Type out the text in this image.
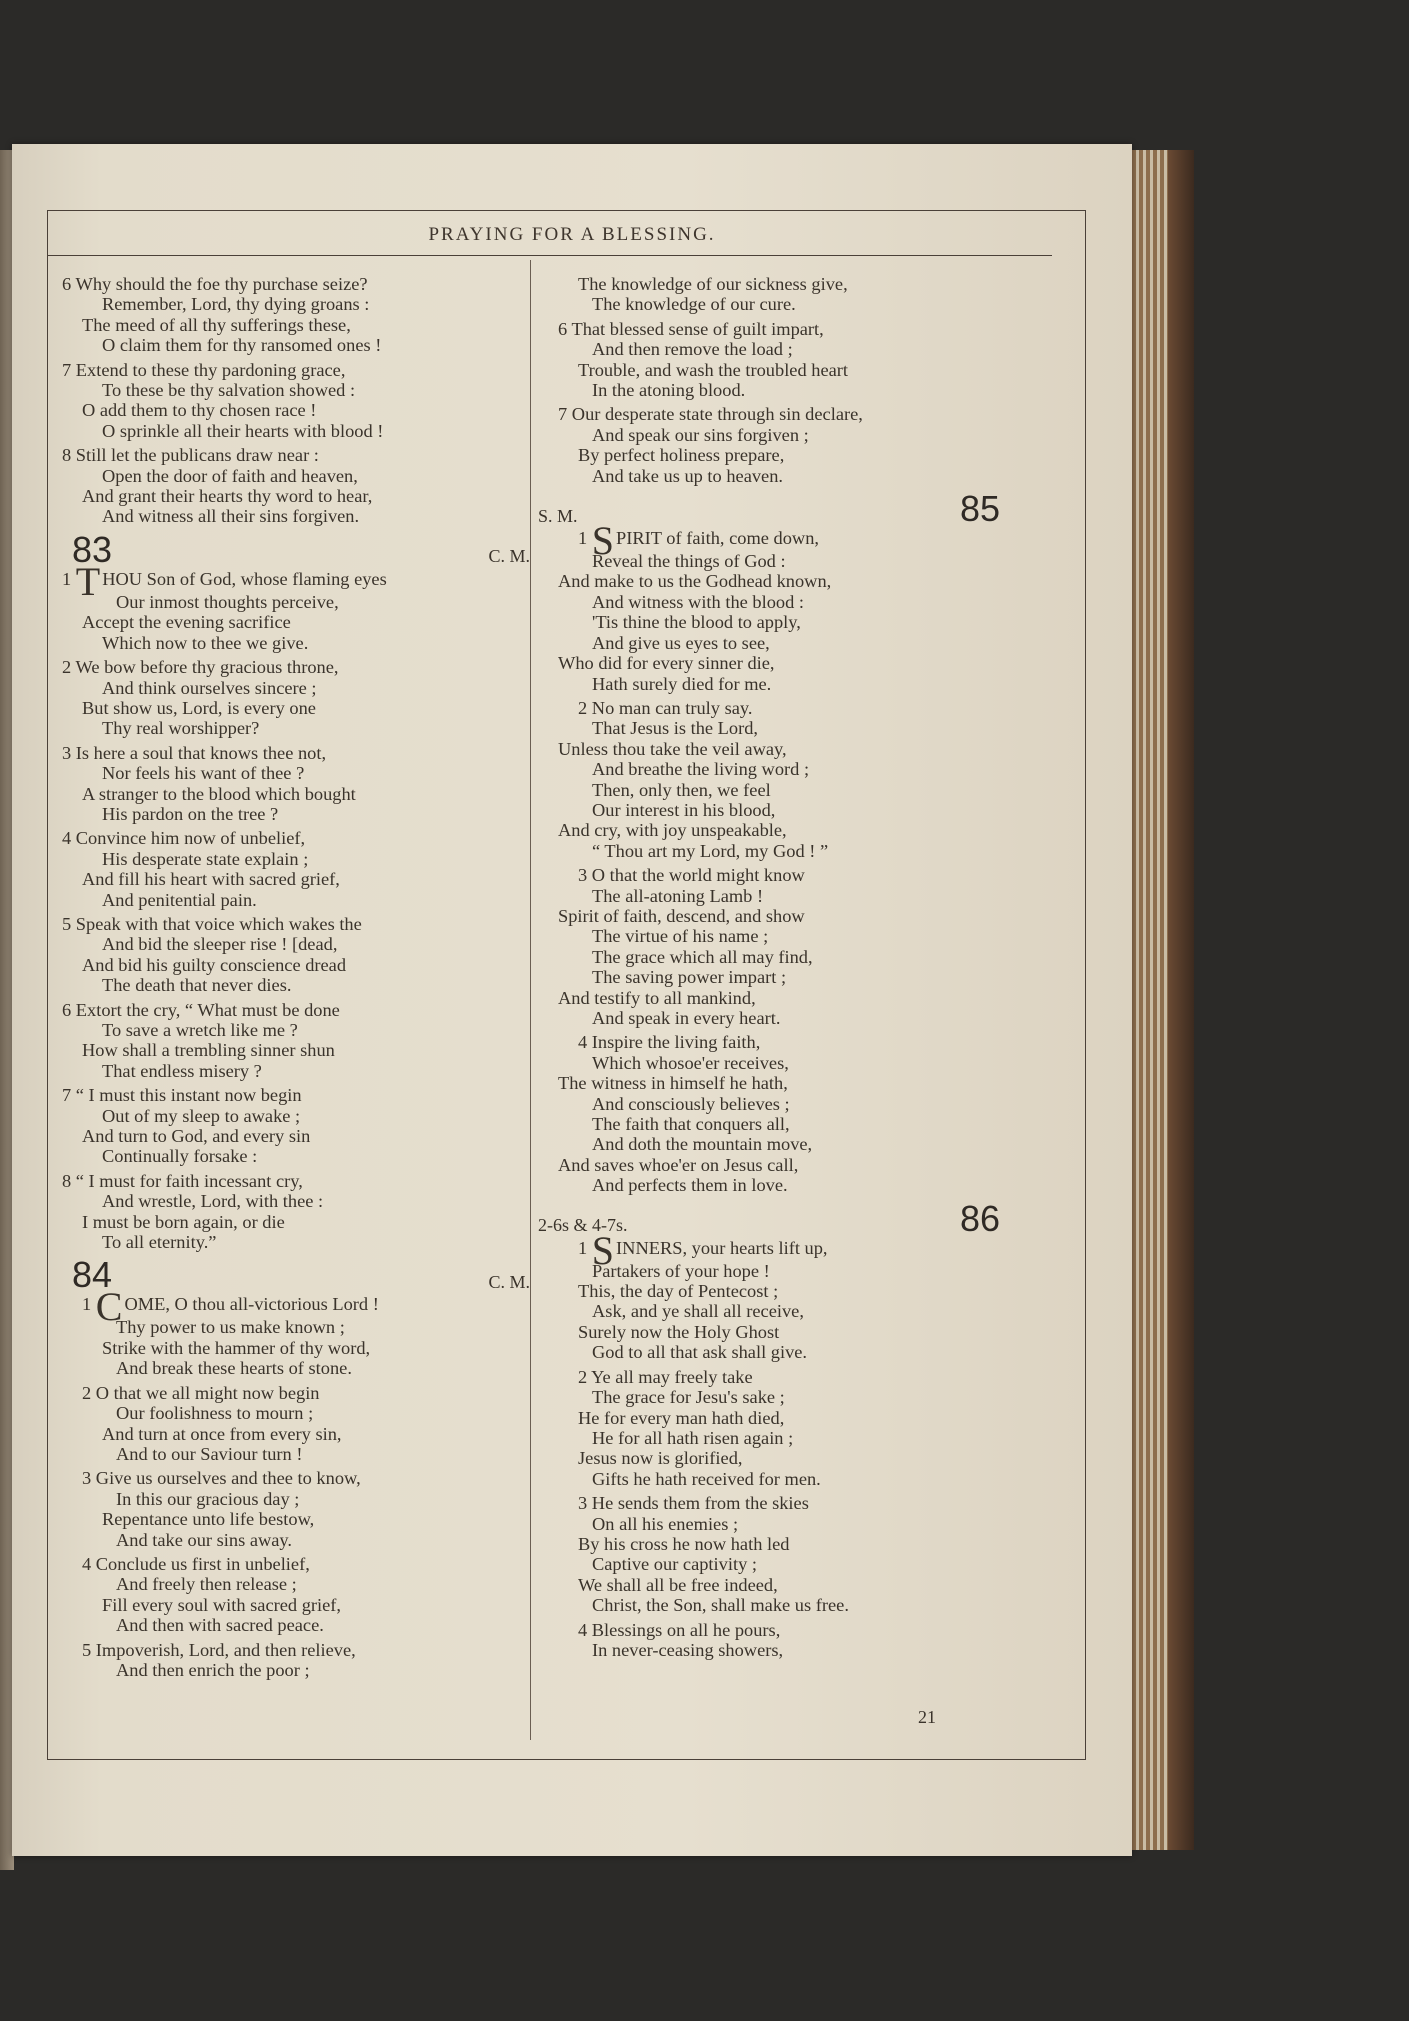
PRAYING FOR A BLESSING.
6 Why should the foe thy purchase seize?
Remember, Lord, thy dying groans :
The meed of all thy sufferings these,
O claim them for thy ransomed ones !
7 Extend to these thy pardoning grace,
To these be thy salvation showed :
O add them to thy chosen race !
O sprinkle all their hearts with blood !
8 Still let the publicans draw near :
Open the door of faith and heaven,
And grant their hearts thy word to hear,
And witness all their sins forgiven.
83	C. M.
1 T HOU Son of God, whose flaming eyes
Our inmost thoughts perceive,
Accept the evening sacrifice
Which now to thee we give.
2 We bow before thy gracious throne,
And think ourselves sincere ;
But show us, Lord, is every one
Thy real worshipper?
3 Is here a soul that knows thee not,
Nor feels his want of thee ?
A stranger to the blood which bought
His pardon on the tree ?
4 Convince him now of unbelief,
His desperate state explain ;
And fill his heart with sacred grief,
And penitential pain.
5 Speak with that voice which wakes the
And bid the sleeper rise ! [dead,
And bid his guilty conscience dread
The death that never dies.
6 Extort the cry, “ What must be done
To save a wretch like me ?
How shall a trembling sinner shun
That endless misery ?
7 “ I must this instant now begin
Out of my sleep to awake ;
And turn to God, and every sin
Continually forsake :
8 “ I must for faith incessant cry,
And wrestle, Lord, with thee :
I must be born again, or die
To all eternity.”
84	C. M.
1 C OME, O thou all-victorious Lord !
Thy power to us make known ;
Strike with the hammer of thy word,
And break these hearts of stone.
2 O that we all might now begin
Our foolishness to mourn ;
And turn at once from every sin,
And to our Saviour turn !
3 Give us ourselves and thee to know,
In this our gracious day ;
Repentance unto life bestow,
And take our sins away.
4 Conclude us first in unbelief,
And freely then release ;
Fill every soul with sacred grief,
And then with sacred peace.
5 Impoverish, Lord, and then relieve,
And then enrich the poor ;
The knowledge of our sickness give,
The knowledge of our cure.
6 That blessed sense of guilt impart,
And then remove the load ;
Trouble, and wash the troubled heart
In the atoning blood.
7 Our desperate state through sin declare,
And speak our sins forgiven ;
By perfect holiness prepare,
And take us up to heaven.
S. M.	85
1 S PIRIT of faith, come down,
Reveal the things of God :
And make to us the Godhead known,
And witness with the blood :
'Tis thine the blood to apply,
And give us eyes to see,
Who did for every sinner die,
Hath surely died for me.
2 No man can truly say.
That Jesus is the Lord,
Unless thou take the veil away,
And breathe the living word ;
Then, only then, we feel
Our interest in his blood,
And cry, with joy unspeakable,
“ Thou art my Lord, my God ! ”
3 O that the world might know
The all-atoning Lamb !
Spirit of faith, descend, and show
The virtue of his name ;
The grace which all may find,
The saving power impart ;
And testify to all mankind,
And speak in every heart.
4 Inspire the living faith,
Which whosoe'er receives,
The witness in himself he hath,
And consciously believes ;
The faith that conquers all,
And doth the mountain move,
And saves whoe'er on Jesus call,
And perfects them in love.
2-6s & 4-7s.	86
1 S INNERS, your hearts lift up,
Partakers of your hope !
This, the day of Pentecost ;
Ask, and ye shall all receive,
Surely now the Holy Ghost
God to all that ask shall give.
2 Ye all may freely take
The grace for Jesu's sake ;
He for every man hath died,
He for all hath risen again ;
Jesus now is glorified,
Gifts he hath received for men.
3 He sends them from the skies
On all his enemies ;
By his cross he now hath led
Captive our captivity ;
We shall all be free indeed,
Christ, the Son, shall make us free.
4 Blessings on all he pours,
In never-ceasing showers,
21
